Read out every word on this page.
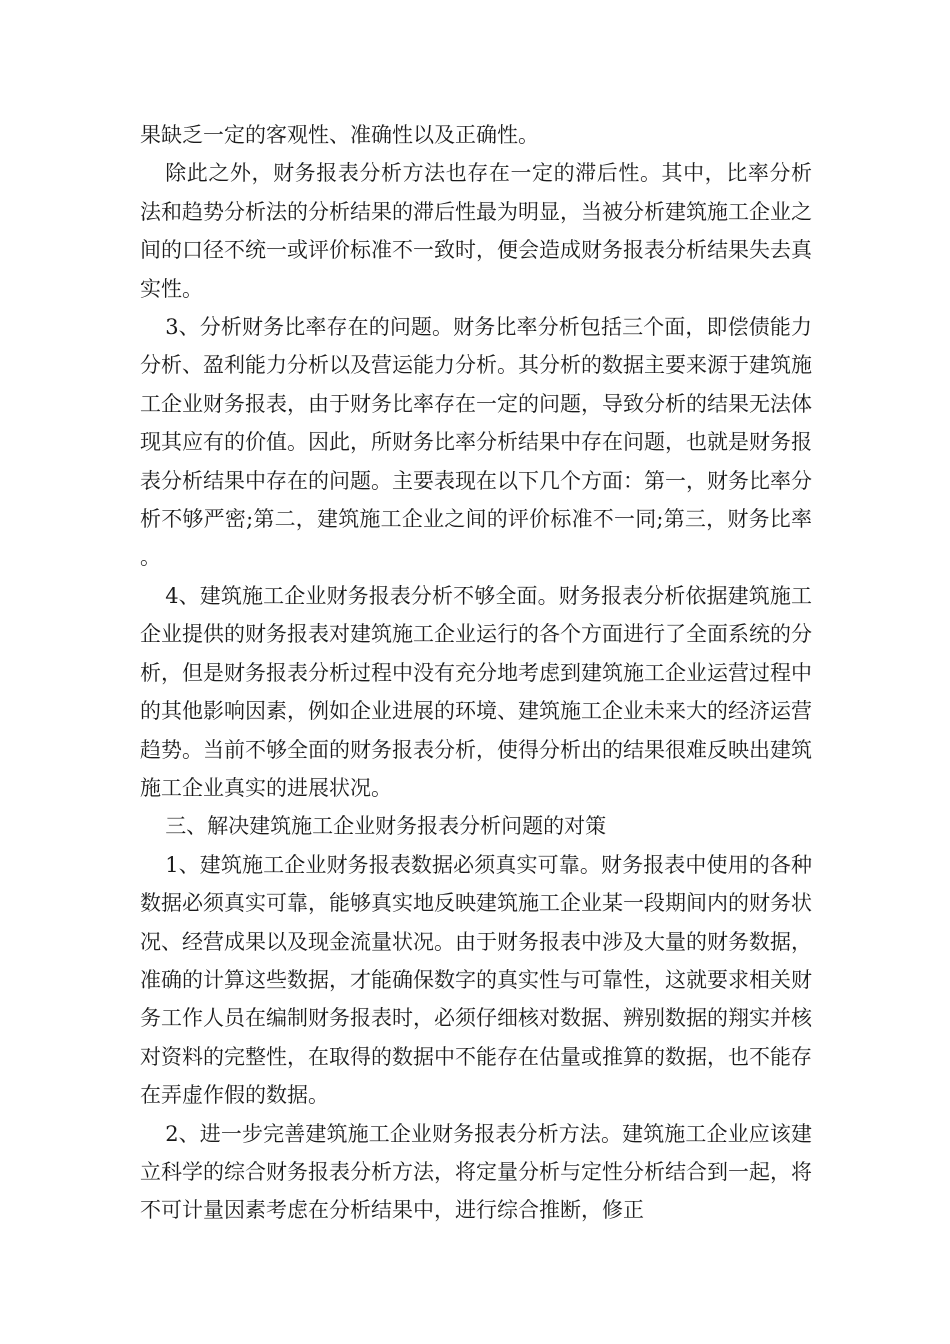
果缺乏一定的客观性、准确性以及正确性。

除此之外，财务报表分析方法也存在一定的滞后性。其中，比率分析法和趋势分析法的分析结果的滞后性最为明显，当被分析建筑施工企业之间的口径不统一或评价标准不一致时，便会造成财务报表分析结果失去真实性。

3、分析财务比率存在的问题。财务比率分析包括三个面，即偿债能力分析、盈利能力分析以及营运能力分析。其分析的数据主要来源于建筑施工企业财务报表，由于财务比率存在一定的问题，导致分析的结果无法体现其应有的价值。因此，所财务比率分析结果中存在问题，也就是财务报表分析结果中存在的问题。主要表现在以下几个方面：第一，财务比率分析不够严密;第二，建筑施工企业之间的评价标准不一同;第三，财务比率。

4、建筑施工企业财务报表分析不够全面。财务报表分析依据建筑施工企业提供的财务报表对建筑施工企业运行的各个方面进行了全面系统的分析，但是财务报表分析过程中没有充分地考虑到建筑施工企业运营过程中的其他影响因素，例如企业进展的环境、建筑施工企业未来大的经济运营趋势。当前不够全面的财务报表分析，使得分析出的结果很难反映出建筑施工企业真实的进展状况。

三、解决建筑施工企业财务报表分析问题的对策

1、建筑施工企业财务报表数据必须真实可靠。财务报表中使用的各种数据必须真实可靠，能够真实地反映建筑施工企业某一段期间内的财务状况、经营成果以及现金流量状况。由于财务报表中涉及大量的财务数据，准确的计算这些数据，才能确保数字的真实性与可靠性，这就要求相关财务工作人员在编制财务报表时，必须仔细核对数据、辨别数据的翔实并核对资料的完整性，在取得的数据中不能存在估量或推算的数据，也不能存在弄虚作假的数据。

2、进一步完善建筑施工企业财务报表分析方法。建筑施工企业应该建立科学的综合财务报表分析方法，将定量分析与定性分析结合到一起，将不可计量因素考虑在分析结果中，进行综合推断，修正
